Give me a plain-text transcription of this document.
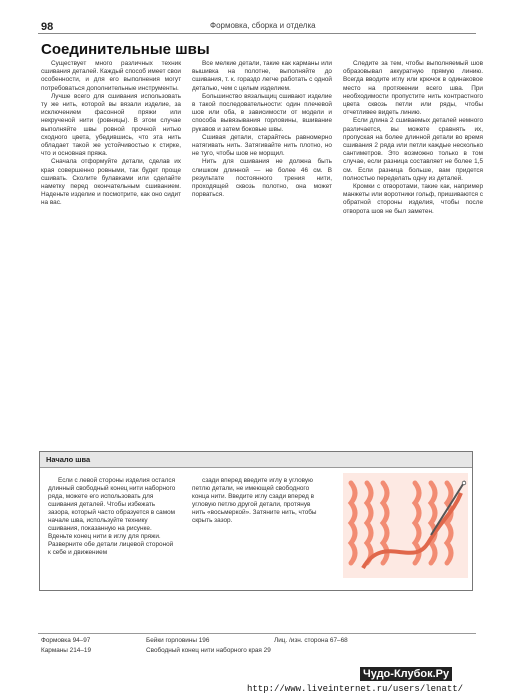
98	Формовка, сборка и отделка
Соединительные швы

Существует много различных техник сшивания деталей. Каждый способ имеет свои особенности, и для его выполнения могут потребоваться дополнительные инструменты.

Лучше всего для сшивания использовать ту же нить, которой вы вязали изделие, за исключением фасонной пряжи или некрученой нити (ровницы). В этом случае выполняйте швы ровной прочной нитью сходного цвета, убедившись, что эта нить обладает такой же устойчивостью к стирке, что и основная пряжа.

Сначала отформуйте детали, сделав их края совершенно ровными, так будет проще сшивать. Сколите булавками или сделайте наметку перед окончательным сшиванием. Наденьте изделие и посмотрите, как оно сидит на вас.

Все мелкие детали, такие как карманы или вышивка на полотне, выполняйте до сшивания, т. к. гораздо легче работать с одной деталью, чем с целым изделием.

Большинство вязальщиц сшивают изделие в такой последовательности: один плечевой шов или оба, в зависимости от модели и способа вывязывания горловины, вшивание рукавов и затем боковые швы.

Сшивая детали, старайтесь равномерно натягивать нить. Затягивайте нить плотно, но не туго, чтобы шов не морщил.

Нить для сшивания не должна быть слишком длинной — не более 46 см. В результате постоянного трения нити, проходящей сквозь полотно, она может порваться.

Следите за тем, чтобы выполняемый шов образовывал аккуратную прямую линию. Всегда вводите иглу или крючок в одинаковое место на протяжении всего шва. При необходимости пропустите нить контрастного цвета сквозь петли или ряды, чтобы отчетливее видеть линию.

Если длина 2 сшиваемых деталей немного различается, вы можете сравнять их, пропуская на более длинной детали во время сшивания 2 ряда или петли каждые несколько сантиметров. Это возможно только в том случае, если разница составляет не более 1,5 см. Если разница больше, вам придется полностью переделать одну из деталей.

Кромки с отворотами, такие как, например манжеты или воротники гольф, пришиваются с обратной стороны изделия, чтобы после отворота шов не был заметен.

Начало шва

Если с левой стороны изделия остался длинный свободный конец нити наборного ряда, можете его использовать для сшивания деталей. Чтобы избежать зазора, который часто образуется в самом начале шва, используйте технику сшивания, показанную на рисунке. Вденьте конец нити в иглу для пряжи. Разверните обе детали лицевой стороной к себе и движением

сзади вперед введите иглу в угловую петлю детали, не имеющей свободного конца нити. Введите иглу сзади вперед в угловую петлю другой детали, протянув нить «восьмеркой». Затяните нить, чтобы скрыть зазор.

Формовка 94–97
Карманы 214–19
Бейки горловины 196
Свободный конец нити наборного края 29
Лиц. /изн. сторона 67–68
Чудо-Клубок.Ру
http://www.liveinternet.ru/users/lenatt/
